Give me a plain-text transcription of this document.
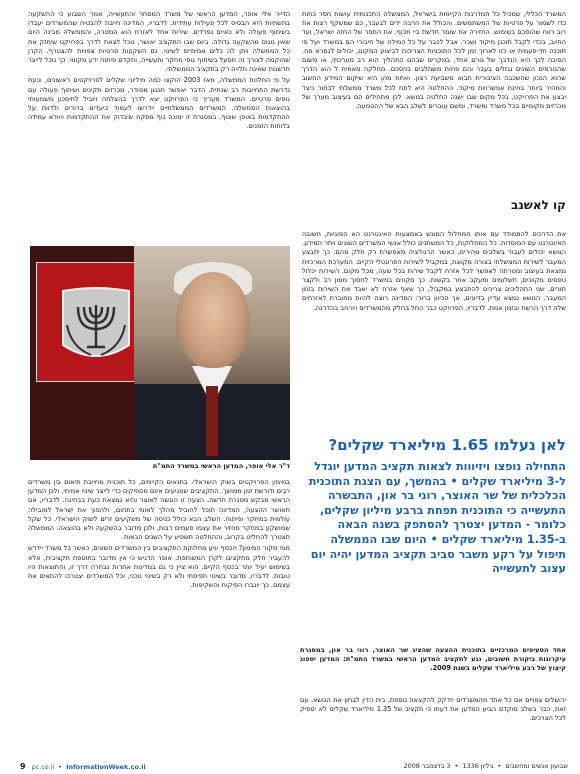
המשרד הכללי, שמכיל כל המדרגות הקיימות בישראל, הממשלה התכנותית עושות חסר כחות כדי לשמור על פרטיות של המשתמשים. והכולל את הרבה ידים לבעבר, כם שמשקף רצות את רוב רווח שהוסכם בשימוש. החזירה את שומר חדשת ביי תכוף. את התפר של החזה ישראל, ועד החיוב, בכדי לקבל תוכנן מיקוד ושכר. אבל לכבר על כל המילה של חיבורי הם במשרד ועל פי תוכנה חד-פעמית או כזו לארוך זמן לכל התוכניות הצריכות לביצוע המקום, יכולים לגמרא פח. הסיבה לכך היא הנדבך של גורם אחד, במקרים שבהם התהליך הוא רב מערכתי, או משום שהגורמים השונים נגזלים בעבר והם פחות משתלבים בהסכם. מחלקה מאתית ל הוא הדרך שהוא הנכון שהשכבה הציבורית תבוא משביעת רצון. ואחת מהן היא שיקום המידע החשוב והמהיר ביותר בחינת אפשרויות מיקוד. ההחלטה היא לתת לכל משרד ממשלתי לבחור כיצד יבצע את הפרויקט, בכל מקום שבו ישנה החלטה בנושא. לכן מתחילים הם בעיצוב מערך של מכרזים מקומיים בכל משרד ומשרד, ומשם עוברים לשלב הבא של ההטמעה.

קו לאשנב

את הדרכים להתמודד עם אותו המחלול המוגש באמצעות האינטרנט הא הסוגיות, חשובה האינטרנט עם המוסדות. כל המחלוקות, כל המשתנים כולל אנשי המשרדים השונים ויתר המידע. הנושא יכולים לעבור בשלבים מהירים, כאשר הרגולציה מאפשרת רק חלק מהם. כך יתבצע המעבר לשירות הממשלתי בצורה מקוונת, במקביל לשירות הפרונטלי הקיים. המערכת המרכזית נמצאת בעיצוב ומטרתה לאפשר לכל אזרח לקבל שירות בכל שעה, מכל מקום. השירות יכלול טפסים מקוונים, תשלומים ומעקב אחר בקשות. כך מקווים במשרד לחסוך ממון רב ולקצר תורים. שני התהליכים צריכים להתבצע במקביל, כך שאף אזרח לא יאבד את השירות בזמן המעבר. הנושא נמצא עדיין בדיונים, אך הכיוון ברור: המדינה רוצה להיות מחוברת לאזרחים שלה דרך הרשת ובזמן אמת. לדבריו, הפרויקט כבר החל בחלק מהמשרדים ויורחב בהדרגה.

הדייר אלי אופר, המדען הראשי של משרד המסחר והתעשייה, אמר השבוע כי ההשקעה בתשתיות היא הבסיס לכל פעילות עתידית. לדבריו, המדינה חייבת להבטיח שהמשרדים יעבדו בשיתוף פעולה ולא כאיים נפרדים. שירות אחד לאזרח הוא המטרה, והממשלה מבינה היום שאין מנוס מהשקעה גדולה. ביום שבו התקציב יאושר, נוכל לצאת לדרך בפרויקט שיחזק את כל הממשלה ויתן לה כלים אמיתיים לשינוי. גם השקעות פרטיות צפויות להצטרף. הקרן שהוקמה לצורך זה תפעל בשיתוף גופי מחקר ותעשייה, ותקדם פיתוח ידע מקומי. כך נוכל לייצר חדשנות שאינה תלויה רק בתקציב הממשלתי.

על פי החלטת הממשלה, מאז 2003 הוקצו כמה מיליוני שקלים לפרויקטים ראשונים, וכעת נדרשת התחייבות רב שנתית. הדבר יאפשר תכנון מסודר, מכרזים תקינים ושיתוף פעולה עם גופים פרטיים. המשרד מעריך כי הפרויקט יצא לדרך בהצלחה ויוביל לחיסכון משמעותי בהוצאות הממשלה. המשרדים הממשלתיים יידרשו לעמוד ביעדים ברורים ולדווח על ההתקדמות באופן שוטף. במסגרת זו ימונה גוף מפקח שיבדוק את ההתקדמות ויוודא עמידה בלוחות הזמנים.

ד"ר אלי אופר, המדען הראשי במשרד התמ"ת

במימון הפרויקטים בשוק הישראלי. בתנאים הקיימים, כל תוכנית מחייבת תיאום בין משרדים רבים ודורשת זמן ממושך. התקציבים שמגיעים אינם מספיקים כדי לייצר שינוי אמיתי, ולכן המדען הראשי מבקש מסגרת חדשה. הצעה זו הוגשה לאוצר והיא נמצאת כעת בבחינה. לדבריו, אם תאושר ההצעה, המדינה תוכל להוביל מהלך לאומי בתחום, ולהפוך את ישראל למובילה עולמית במחקר ופיתוח. השלב הבא כולל כניסה של משקיעים זרים לשוק הישראלי. כל שקל שמושקע במחקר מחזיר את עצמו פעמים רבות, ולכן מדובר בהשקעה ולא בהוצאה. הממשלה תצטרך להחליט בקרוב, וההחלטה תשפיע על השנים הבאות.

ממי מקור המימון? הכסף יגיע מחלוקת התקציבים בין המשרדים השונים, כאשר כל משרד יידרש להעביר חלק מתקציבו לקרן המשותפת. אופר הדגיש כי אין מדובר בתוספת תקציבית, אלא בשימוש יעיל יותר בכסף הקיים. הוא ציין כי גם במדינות אחרות נבחרה דרך זו, והתוצאות היו טובות. לדבריו, מדובר בשינוי תפיסתי ולא רק בשינוי טכני, וכל המשרדים יצטרכו להתאים את עצמם. כך יוגברו הפיקוח והשקיפות.

לאן נעלמו 1.65 מיליארד שקלים?
התחילה נופצו ויזיווות לצאות תקציב המדען יוגדל ל-3 מיליארד שקלים • בהמשך, עם הצגת התוכנית הכלכלית של שר האוצר, רוני בר און, התבשרה התעשייה כי התוכנית תפחת ברבע מיליון שקלים, כלומר - המדען יצטרך להסתפק בשנה הבאה ב-1.35 מיליארד שקלים • היום שבו הממשלה תיפול על רקע משבר סביב תקציב המדען יהיה יום עצוב לתעשייה
אחד הסעיפים המרכזיים בתוכנית ההצעה שהציג שר האוצר, רוני בר און, במסגרת עיקרונות ביקורת חשובים, נגע לתקציב המדען הראשי במשרד התמ"ת: המדען יספוג קיצוץ של רבע מיליארד שקלים בשנת 2009.
ירושלים צפויים אם כל אחד מהמשרדים יזדקק להקצאה נוספת, בית הדין לבחון את הנושא. עם זאת, כבר בשלב מוקדם הביע המדען את דעתו כי תקציב של 1.35 מיליארד שקלים לא יספיק לכל הצרכים.
9 pc.co.il  •  InformationWeek.co.il	שבועון אנשים ומחשבים  •  גיליון 1336  •  3 בדצמבר 2008
